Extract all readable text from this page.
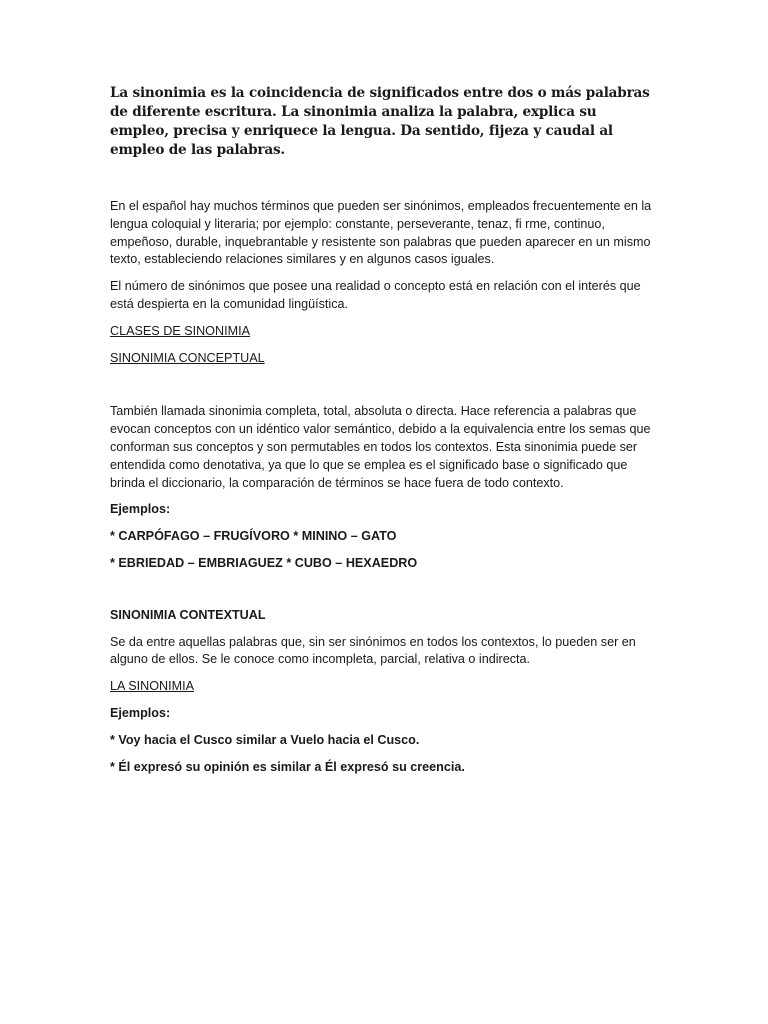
La sinonimia es la coincidencia de significados entre dos o más palabras de diferente escritura. La sinonimia analiza la palabra, explica su empleo, precisa y enriquece la lengua. Da sentido, fijeza y caudal al empleo de las palabras.

En el español hay muchos términos que pueden ser sinónimos, empleados frecuentemente en la lengua coloquial y literaria; por ejemplo: constante, perseverante, tenaz, fi rme, continuo, empeñoso, durable, inquebrantable y resistente son palabras que pueden aparecer en un mismo texto, estableciendo relaciones similares y en algunos casos iguales.

El número de sinónimos que posee una realidad o concepto está en relación con el interés que está despierta en la comunidad lingüística.

CLASES DE SINONIMIA

SINONIMIA CONCEPTUAL

También llamada sinonimia completa, total, absoluta o directa. Hace referencia a palabras que evocan conceptos con un idéntico valor semántico, debido a la equivalencia entre los semas que conforman sus conceptos y son permutables en todos los contextos. Esta sinonimia puede ser entendida como denotativa, ya que lo que se emplea es el significado base o significado que brinda el diccionario, la comparación de términos se hace fuera de todo contexto.

Ejemplos:

* CARPÓFAGO – FRUGÍVORO * MININO – GATO

* EBRIEDAD – EMBRIAGUEZ * CUBO – HEXAEDRO

SINONIMIA CONTEXTUAL

Se da entre aquellas palabras que, sin ser sinónimos en todos los contextos, lo pueden ser en alguno de ellos. Se le conoce como incompleta, parcial, relativa o indirecta.

LA SINONIMIA

Ejemplos:

* Voy hacia el Cusco similar a Vuelo hacia el Cusco.

* Él expresó su opinión es similar a Él expresó su creencia.
